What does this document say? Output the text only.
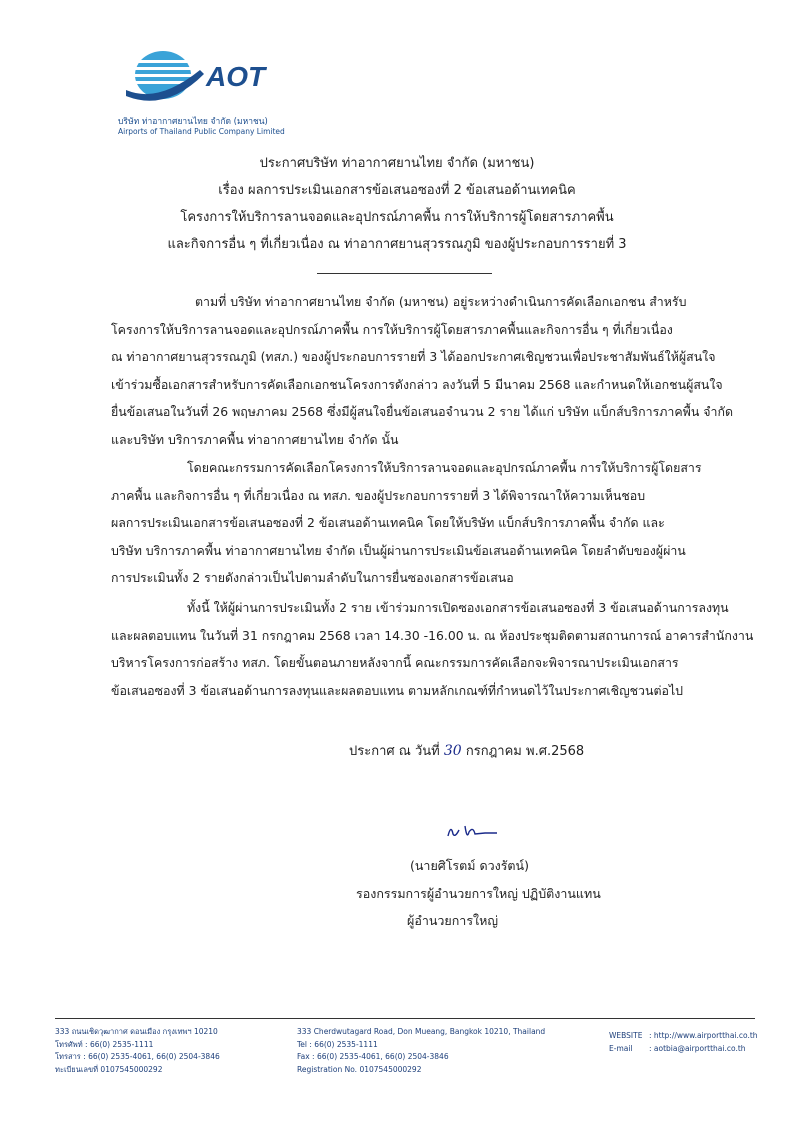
AOT
บริษัท ท่าอากาศยานไทย จำกัด (มหาชน)
Airports of Thailand Public Company Limited
ประกาศบริษัท ท่าอากาศยานไทย จำกัด (มหาชน)
เรื่อง ผลการประเมินเอกสารข้อเสนอซองที่ 2 ข้อเสนอด้านเทคนิค
โครงการให้บริการลานจอดและอุปกรณ์ภาคพื้น การให้บริการผู้โดยสารภาคพื้น
และกิจการอื่น ๆ ที่เกี่ยวเนื่อง ณ ท่าอากาศยานสุวรรณภูมิ ของผู้ประกอบการรายที่ 3
ตามที่ บริษัท ท่าอากาศยานไทย จำกัด (มหาชน) อยู่ระหว่างดำเนินการคัดเลือกเอกชน สำหรับ
โครงการให้บริการลานจอดและอุปกรณ์ภาคพื้น การให้บริการผู้โดยสารภาคพื้นและกิจการอื่น ๆ ที่เกี่ยวเนื่อง
ณ ท่าอากาศยานสุวรรณภูมิ (ทสภ.) ของผู้ประกอบการรายที่ 3 ได้ออกประกาศเชิญชวนเพื่อประชาสัมพันธ์ให้ผู้สนใจ
เข้าร่วมซื้อเอกสารสำหรับการคัดเลือกเอกชนโครงการดังกล่าว ลงวันที่ 5 มีนาคม 2568 และกำหนดให้เอกชนผู้สนใจ
ยื่นข้อเสนอในวันที่ 26 พฤษภาคม 2568 ซึ่งมีผู้สนใจยื่นข้อเสนอจำนวน 2 ราย ได้แก่ บริษัท แบ็กส์บริการภาคพื้น จำกัด
และบริษัท บริการภาคพื้น ท่าอากาศยานไทย จำกัด นั้น
โดยคณะกรรมการคัดเลือกโครงการให้บริการลานจอดและอุปกรณ์ภาคพื้น การให้บริการผู้โดยสาร
ภาคพื้น และกิจการอื่น ๆ ที่เกี่ยวเนื่อง ณ ทสภ. ของผู้ประกอบการรายที่ 3 ได้พิจารณาให้ความเห็นชอบ
ผลการประเมินเอกสารข้อเสนอซองที่ 2 ข้อเสนอด้านเทคนิค โดยให้บริษัท แบ็กส์บริการภาคพื้น จำกัด และ
บริษัท บริการภาคพื้น ท่าอากาศยานไทย จำกัด เป็นผู้ผ่านการประเมินข้อเสนอด้านเทคนิค โดยลำดับของผู้ผ่าน
การประเมินทั้ง 2 รายดังกล่าวเป็นไปตามลำดับในการยื่นซองเอกสารข้อเสนอ
ทั้งนี้ ให้ผู้ผ่านการประเมินทั้ง 2 ราย เข้าร่วมการเปิดซองเอกสารข้อเสนอซองที่ 3 ข้อเสนอด้านการลงทุน
และผลตอบแทน ในวันที่ 31 กรกฎาคม 2568 เวลา 14.30 -16.00 น. ณ ห้องประชุมติดตามสถานการณ์ อาคารสำนักงาน
บริหารโครงการก่อสร้าง ทสภ. โดยขั้นตอนภายหลังจากนี้ คณะกรรมการคัดเลือกจะพิจารณาประเมินเอกสาร
ข้อเสนอซองที่ 3 ข้อเสนอด้านการลงทุนและผลตอบแทน ตามหลักเกณฑ์ที่กำหนดไว้ในประกาศเชิญชวนต่อไป
ประกาศ ณ วันที่ 30 กรกฎาคม พ.ศ.2568
(นายศิโรตม์ ดวงรัตน์)
รองกรรมการผู้อำนวยการใหญ่ ปฏิบัติงานแทน
ผู้อำนวยการใหญ่
333 ถนนเชิดวุฒากาศ ดอนเมือง กรุงเทพฯ 10210
โทรศัพท์ : 66(0) 2535-1111
โทรสาร : 66(0) 2535-4061, 66(0) 2504-3846
ทะเบียนเลขที่ 0107545000292
333 Cherdwutagard Road, Don Mueang, Bangkok 10210, Thailand
Tel : 66(0) 2535-1111
Fax : 66(0) 2535-4061, 66(0) 2504-3846
Registration No. 0107545000292
WEBSITE : http://www.airportthai.co.th
E-mail : aotbia@airportthai.co.th
